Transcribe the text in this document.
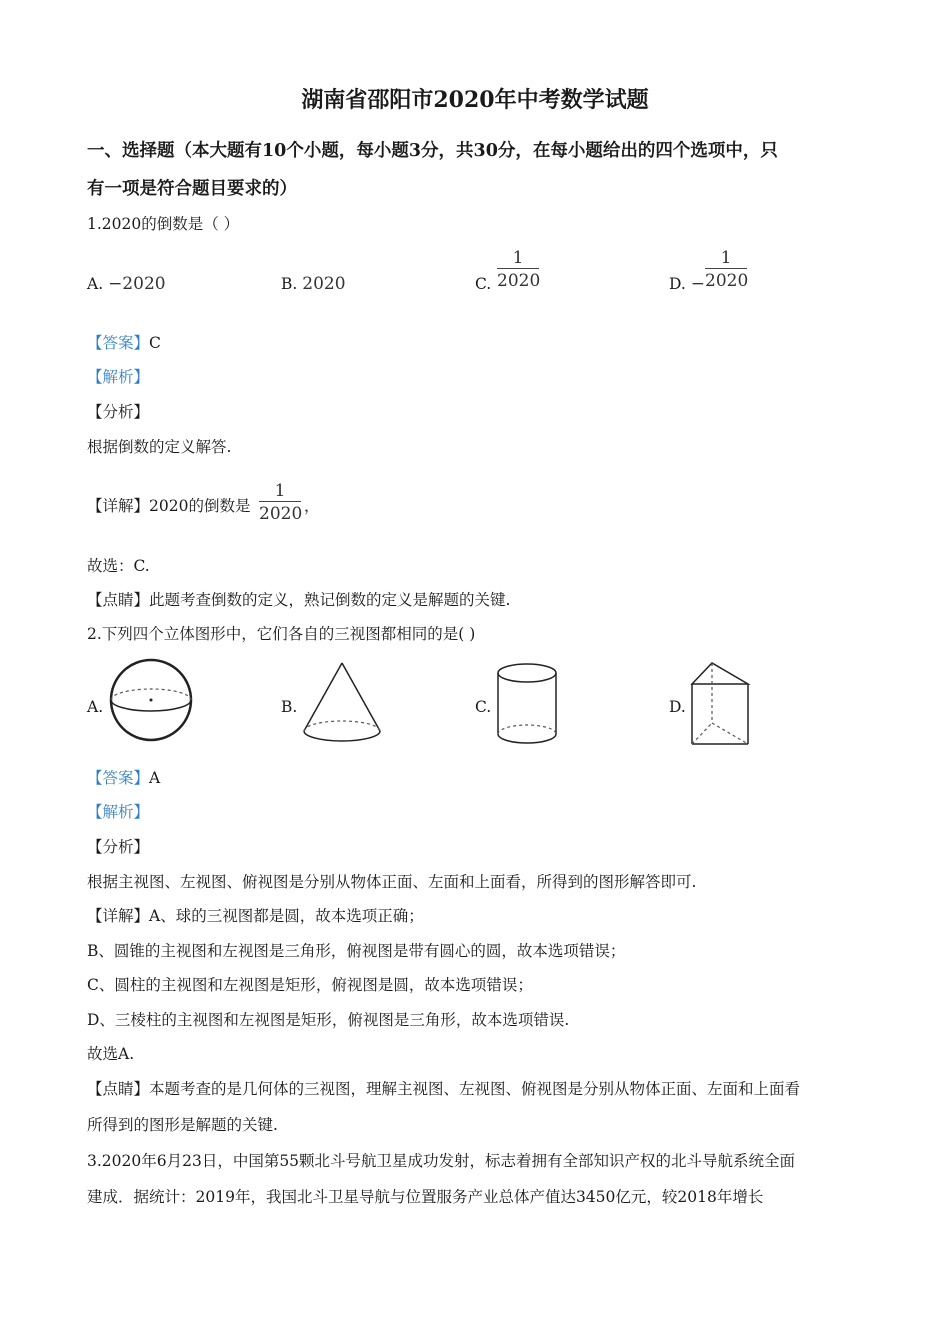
湖南省邵阳市2020年中考数学试题
一、选择题（本大题有10个小题，每小题3分，共30分，在每小题给出的四个选项中，只
有一项是符合题目要求的）
1.2020的倒数是（ ）
A. −2020	B. 2020	C.
1
2020	D. −
1
2020
【答案】C
【解析】
【分析】
根据倒数的定义解答.
【详解】2020的倒数是
1
2020 ，
故选：C.
【点睛】此题考查倒数的定义，熟记倒数的定义是解题的关键.
2.下列四个立体图形中，它们各自的三视图都相同的是( )
A.	B.	C.	D.
【答案】A
【解析】
【分析】
根据主视图、左视图、俯视图是分别从物体正面、左面和上面看，所得到的图形解答即可.
【详解】A、球的三视图都是圆，故本选项正确；
B、圆锥的主视图和左视图是三角形，俯视图是带有圆心的圆，故本选项错误；
C、圆柱的主视图和左视图是矩形，俯视图是圆，故本选项错误；
D、三棱柱的主视图和左视图是矩形，俯视图是三角形，故本选项错误.
故选A.
【点睛】本题考查的是几何体的三视图，理解主视图、左视图、俯视图是分别从物体正面、左面和上面看
所得到的图形是解题的关键.
3.2020年6月23日，中国第55颗北斗号航卫星成功发射，标志着拥有全部知识产权的北斗导航系统全面
建成．据统计：2019年，我国北斗卫星导航与位置服务产业总体产值达3450亿元，较2018年增长
